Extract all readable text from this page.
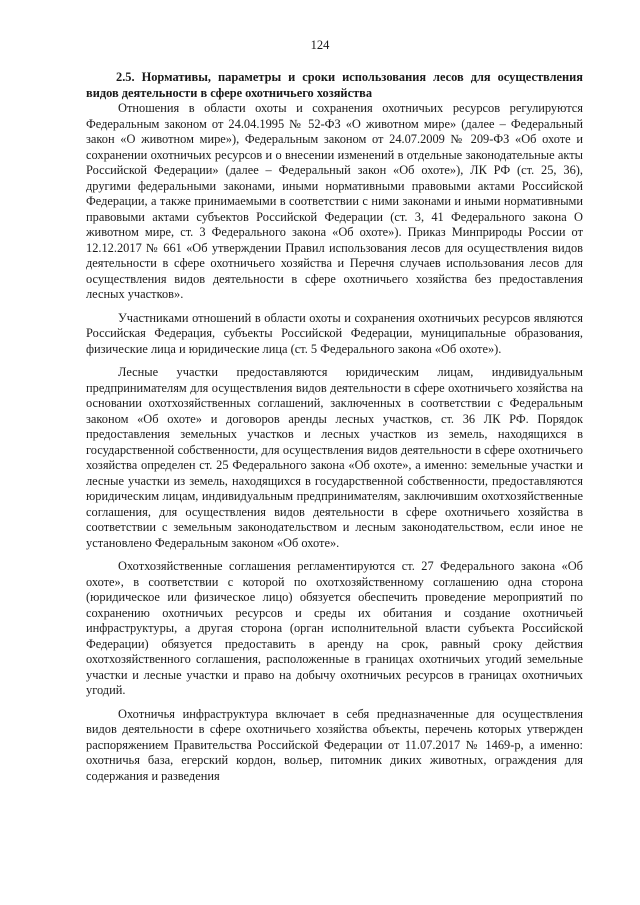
124
2.5. Нормативы, параметры и сроки использования лесов для осуществления видов деятельности в сфере охотничьего хозяйства
Отношения в области охоты и сохранения охотничьих ресурсов регулируются Федеральным законом от 24.04.1995 № 52-ФЗ «О животном мире» (далее – Федеральный закон «О животном мире»), Федеральным законом от 24.07.2009 № 209-ФЗ «Об охоте и сохранении охотничьих ресурсов и о внесении изменений в отдельные законодательные акты Российской Федерации» (далее – Федеральный закон «Об охоте»), ЛК РФ (ст. 25, 36), другими федеральными законами, иными нормативными правовыми актами Российской Федерации, а также принимаемыми в соответствии с ними законами и иными нормативными правовыми актами субъектов Российской Федерации (ст. 3, 41 Федерального закона О животном мире, ст. 3 Федерального закона «Об охоте»). Приказ Минприроды России от 12.12.2017 № 661 «Об утверждении Правил использования лесов для осуществления видов деятельности в сфере охотничьего хозяйства и Перечня случаев использования лесов для осуществления видов деятельности в сфере охотничьего хозяйства без предоставления лесных участков».
Участниками отношений в области охоты и сохранения охотничьих ресурсов являются Российская Федерация, субъекты Российской Федерации, муниципальные образования, физические лица и юридические лица (ст. 5 Федерального закона «Об охоте»).
Лесные участки предоставляются юридическим лицам, индивидуальным предпринимателям для осуществления видов деятельности в сфере охотничьего хозяйства на основании охотхозяйственных соглашений, заключенных в соответствии с Федеральным законом «Об охоте» и договоров аренды лесных участков, ст. 36 ЛК РФ. Порядок предоставления земельных участков и лесных участков из земель, находящихся в государственной собственности, для осуществления видов деятельности в сфере охотничьего хозяйства определен ст. 25 Федерального закона «Об охоте», а именно: земельные участки и лесные участки из земель, находящихся в государственной собственности, предоставляются юридическим лицам, индивидуальным предпринимателям, заключившим охотхозяйственные соглашения, для осуществления видов деятельности в сфере охотничьего хозяйства в соответствии с земельным законодательством и лесным законодательством, если иное не установлено Федеральным законом «Об охоте».
Охотхозяйственные соглашения регламентируются ст. 27 Федерального закона «Об охоте», в соответствии с которой по охотхозяйственному соглашению одна сторона (юридическое или физическое лицо) обязуется обеспечить проведение мероприятий по сохранению охотничьих ресурсов и среды их обитания и создание охотничьей инфраструктуры, а другая сторона (орган исполнительной власти субъекта Российской Федерации) обязуется предоставить в аренду на срок, равный сроку действия охотхозяйственного соглашения, расположенные в границах охотничьих угодий земельные участки и лесные участки и право на добычу охотничьих ресурсов в границах охотничьих угодий.
Охотничья инфраструктура включает в себя предназначенные для осуществления видов деятельности в сфере охотничьего хозяйства объекты, перечень которых утвержден распоряжением Правительства Российской Федерации от 11.07.2017 № 1469-р, а именно: охотничья база, егерский кордон, вольер, питомник диких животных, ограждения для содержания и разведения
